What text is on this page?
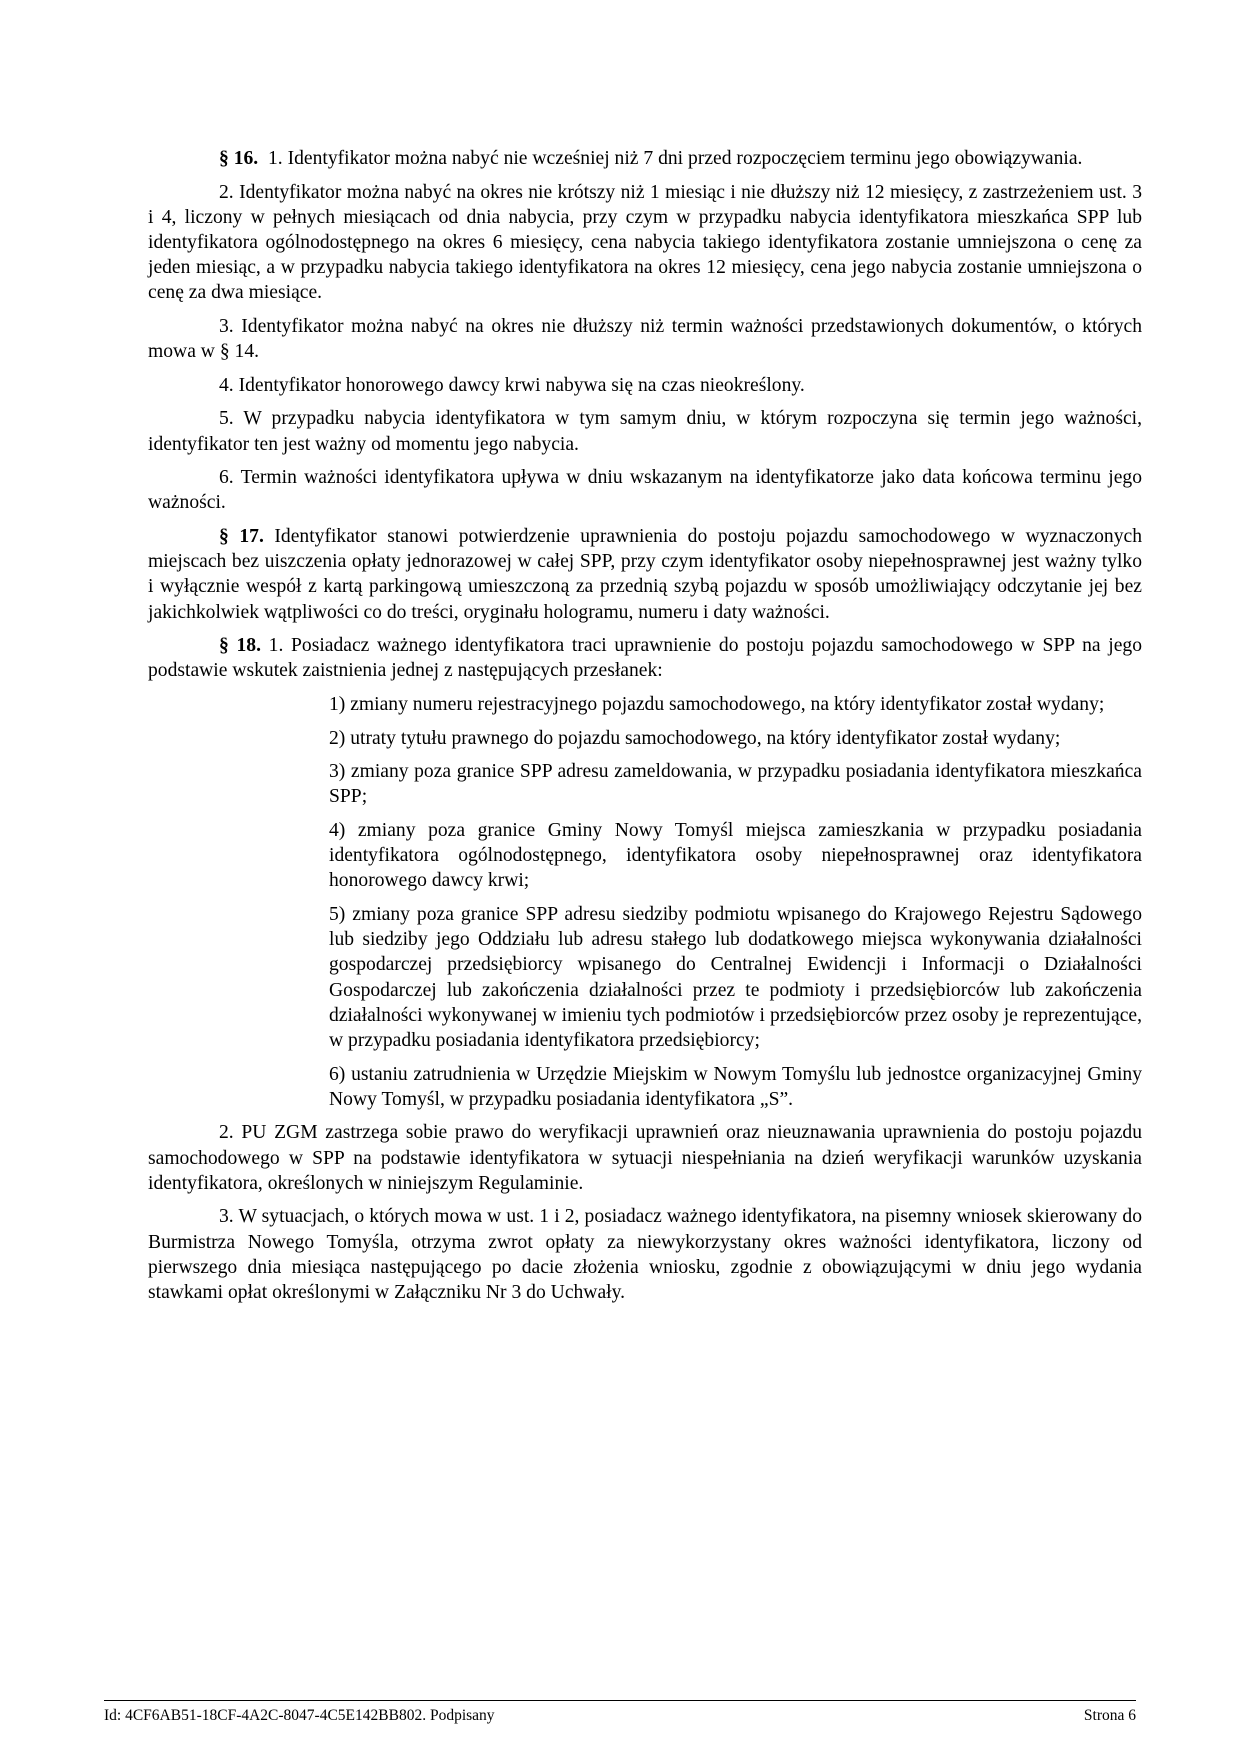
§ 16.  1. Identyfikator można nabyć nie wcześniej niż 7 dni przed rozpoczęciem terminu jego obowiązywania.

2. Identyfikator można nabyć na okres nie krótszy niż 1 miesiąc i nie dłuższy niż 12 miesięcy, z zastrzeżeniem ust. 3 i 4, liczony w pełnych miesiącach od dnia nabycia, przy czym w przypadku nabycia identyfikatora mieszkańca SPP lub identyfikatora ogólnodostępnego na okres 6 miesięcy, cena nabycia takiego identyfikatora zostanie umniejszona o cenę za jeden miesiąc, a w przypadku nabycia takiego identyfikatora na okres 12 miesięcy, cena jego nabycia zostanie umniejszona o cenę za dwa miesiące.

3. Identyfikator można nabyć na okres nie dłuższy niż termin ważności przedstawionych dokumentów, o których mowa w § 14.

4. Identyfikator honorowego dawcy krwi nabywa się na czas nieokreślony.

5. W przypadku nabycia identyfikatora w tym samym dniu, w którym rozpoczyna się termin jego ważności, identyfikator ten jest ważny od momentu jego nabycia.

6. Termin ważności identyfikatora upływa w dniu wskazanym na identyfikatorze jako data końcowa terminu jego ważności.

§ 17. Identyfikator stanowi potwierdzenie uprawnienia do postoju pojazdu samochodowego w wyznaczonych miejscach bez uiszczenia opłaty jednorazowej w całej SPP, przy czym identyfikator osoby niepełnosprawnej jest ważny tylko i wyłącznie wespół z kartą parkingową umieszczoną za przednią szybą pojazdu w sposób umożliwiający odczytanie jej bez jakichkolwiek wątpliwości co do treści, oryginału hologramu, numeru i daty ważności.

§ 18. 1. Posiadacz ważnego identyfikatora traci uprawnienie do postoju pojazdu samochodowego w SPP na jego podstawie wskutek zaistnienia jednej z następujących przesłanek:

1) zmiany numeru rejestracyjnego pojazdu samochodowego, na który identyfikator został wydany;

2) utraty tytułu prawnego do pojazdu samochodowego, na który identyfikator został wydany;

3) zmiany poza granice SPP adresu zameldowania, w przypadku posiadania identyfikatora mieszkańca SPP;

4) zmiany poza granice Gminy Nowy Tomyśl miejsca zamieszkania w przypadku posiadania identyfikatora ogólnodostępnego, identyfikatora osoby niepełnosprawnej oraz identyfikatora honorowego dawcy krwi;

5) zmiany poza granice SPP adresu siedziby podmiotu wpisanego do Krajowego Rejestru Sądowego lub siedziby jego Oddziału lub adresu stałego lub dodatkowego miejsca wykonywania działalności gospodarczej przedsiębiorcy wpisanego do Centralnej Ewidencji i Informacji o Działalności Gospodarczej lub zakończenia działalności przez te podmioty i przedsiębiorców lub zakończenia działalności wykonywanej w imieniu tych podmiotów i przedsiębiorców przez osoby je reprezentujące, w przypadku posiadania identyfikatora przedsiębiorcy;

6) ustaniu zatrudnienia w Urzędzie Miejskim w Nowym Tomyślu lub jednostce organizacyjnej Gminy Nowy Tomyśl, w przypadku posiadania identyfikatora „S”.

2. PU ZGM zastrzega sobie prawo do weryfikacji uprawnień oraz nieuznawania uprawnienia do postoju pojazdu samochodowego w SPP na podstawie identyfikatora w sytuacji niespełniania na dzień weryfikacji warunków uzyskania identyfikatora, określonych w niniejszym Regulaminie.

3. W sytuacjach, o których mowa w ust. 1 i 2, posiadacz ważnego identyfikatora, na pisemny wniosek skierowany do Burmistrza Nowego Tomyśla, otrzyma zwrot opłaty za niewykorzystany okres ważności identyfikatora, liczony od pierwszego dnia miesiąca następującego po dacie złożenia wniosku, zgodnie z obowiązującymi w dniu jego wydania stawkami opłat określonymi w Załączniku Nr 3 do Uchwały.

Id: 4CF6AB51-18CF-4A2C-8047-4C5E142BB802. Podpisany	Strona 6
